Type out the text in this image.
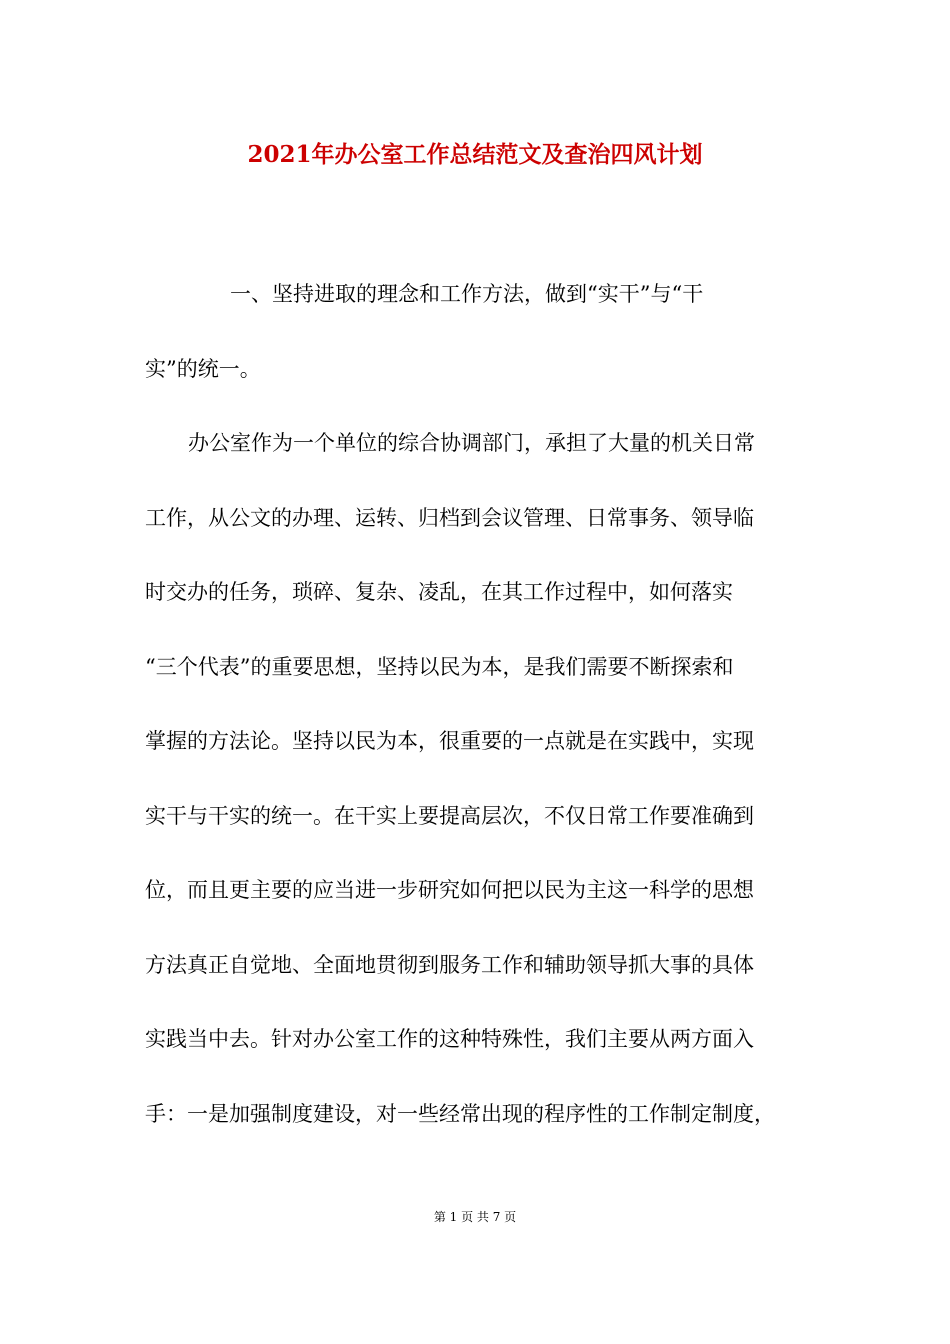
2021年办公室工作总结范文及查治四风计划
一、坚持进取的理念和工作方法，做到“实干”与“干
实”的统一。
办公室作为一个单位的综合协调部门，承担了大量的机关日常
工作，从公文的办理、运转、归档到会议管理、日常事务、领导临
时交办的任务，琐碎、复杂、凌乱，在其工作过程中，如何落实
“三个代表”的重要思想，坚持以民为本，是我们需要不断探索和
掌握的方法论。坚持以民为本，很重要的一点就是在实践中，实现
实干与干实的统一。在干实上要提高层次，不仅日常工作要准确到
位，而且更主要的应当进一步研究如何把以民为主这一科学的思想
方法真正自觉地、全面地贯彻到服务工作和辅助领导抓大事的具体
实践当中去。针对办公室工作的这种特殊性，我们主要从两方面入
手：一是加强制度建设，对一些经常出现的程序性的工作制定制度，
第 1 页 共 7 页
